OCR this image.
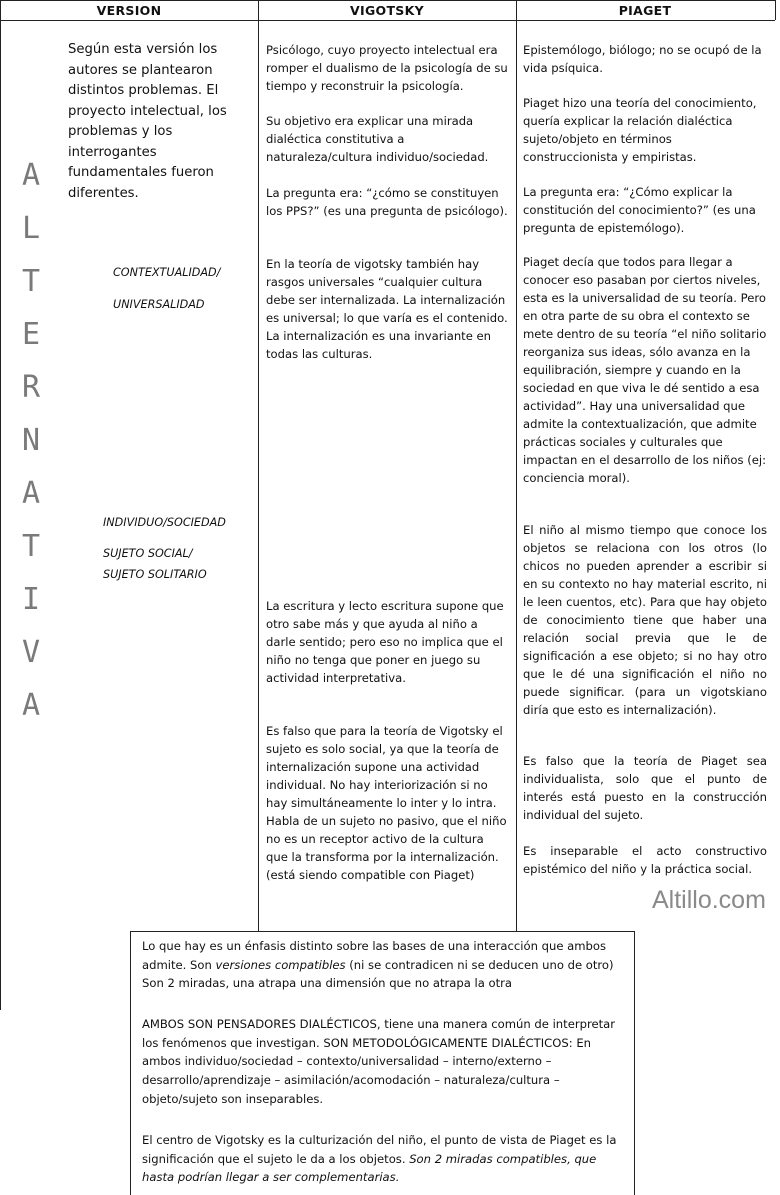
VERSION	VIGOTSKY	PIAGET
A
L
T
E
R
N
A
T
I
V
A
Según esta versión los autores se plantearon distintos problemas. El proyecto intelectual, los problemas y los interrogantes fundamentales fueron diferentes.
CONTEXTUALIDAD/
UNIVERSALIDAD
INDIVIDUO/SOCIEDAD
SUJETO SOCIAL/
SUJETO SOLITARIO

Psicólogo, cuyo proyecto intelectual era romper el dualismo de la psicología de su tiempo y reconstruir la psicología.

Su objetivo era explicar una mirada dialéctica constitutiva a naturaleza/cultura individuo/sociedad.

La pregunta era: “¿cómo se constituyen los PPS?” (es una pregunta de psicólogo).

En la teoría de vigotsky también hay rasgos universales “cualquier cultura debe ser internalizada. La internalización es universal; lo que varía es el contenido. La internalización es una invariante en todas las culturas.

La escritura y lecto escritura supone que otro sabe más y que ayuda al niño a darle sentido; pero eso no implica que el niño no tenga que poner en juego su actividad interpretativa.

Es falso que para la teoría de Vigotsky el sujeto es solo social, ya que la teoría de internalización supone una actividad individual. No hay interiorización si no hay simultáneamente lo inter y lo intra. Habla de un sujeto no pasivo, que el niño no es un receptor activo de la cultura que la transforma por la internalización. (está siendo compatible con Piaget)

Epistemólogo, biólogo; no se ocupó de la vida psíquica.

Piaget hizo una teoría del conocimiento, quería explicar la relación dialéctica sujeto/objeto en términos construccionista y empiristas.

La pregunta era: “¿Cómo explicar la constitución del conocimiento?” (es una pregunta de epistemólogo).

Piaget decía que todos para llegar a conocer eso pasaban por ciertos niveles, esta es la universalidad de su teoría. Pero en otra parte de su obra el contexto se mete dentro de su teoría “el niño solitario reorganiza sus ideas, sólo avanza en la equilibración, siempre y cuando en la sociedad en que viva le dé sentido a esa actividad”. Hay una universalidad que admite la contextualización, que admite prácticas sociales y culturales que impactan en el desarrollo de los niños (ej: conciencia moral).

El niño al mismo tiempo que conoce los objetos se relaciona con los otros (lo chicos no pueden aprender a escribir si en su contexto no hay material escrito, ni le leen cuentos, etc). Para que hay objeto de conocimiento tiene que haber una relación social previa que le de significación a ese objeto; si no hay otro que le dé una significación el niño no puede significar. (para un vigotskiano diría que esto es internalización).

Es falso que la teoría de Piaget sea individualista, solo que el punto de interés está puesto en la construcción individual del sujeto.

Es inseparable el acto constructivo epistémico del niño y la práctica social.

Altillo.com

Lo que hay es un énfasis distinto sobre las bases de una interacción que ambos admite. Son versiones compatibles (ni se contradicen ni se deducen uno de otro) Son 2 miradas, una atrapa una dimensión que no atrapa la otra

AMBOS SON PENSADORES DIALÉCTICOS, tiene una manera común de interpretar los fenómenos que investigan. SON METODOLÓGICAMENTE DIALÉCTICOS: En ambos individuo/sociedad – contexto/universalidad – interno/externo – desarrollo/aprendizaje – asimilación/acomodación – naturaleza/cultura – objeto/sujeto son inseparables.

El centro de Vigotsky es la culturización del niño, el punto de vista de Piaget es la significación que el sujeto le da a los objetos. Son 2 miradas compatibles, que hasta podrían llegar a ser complementarias.
